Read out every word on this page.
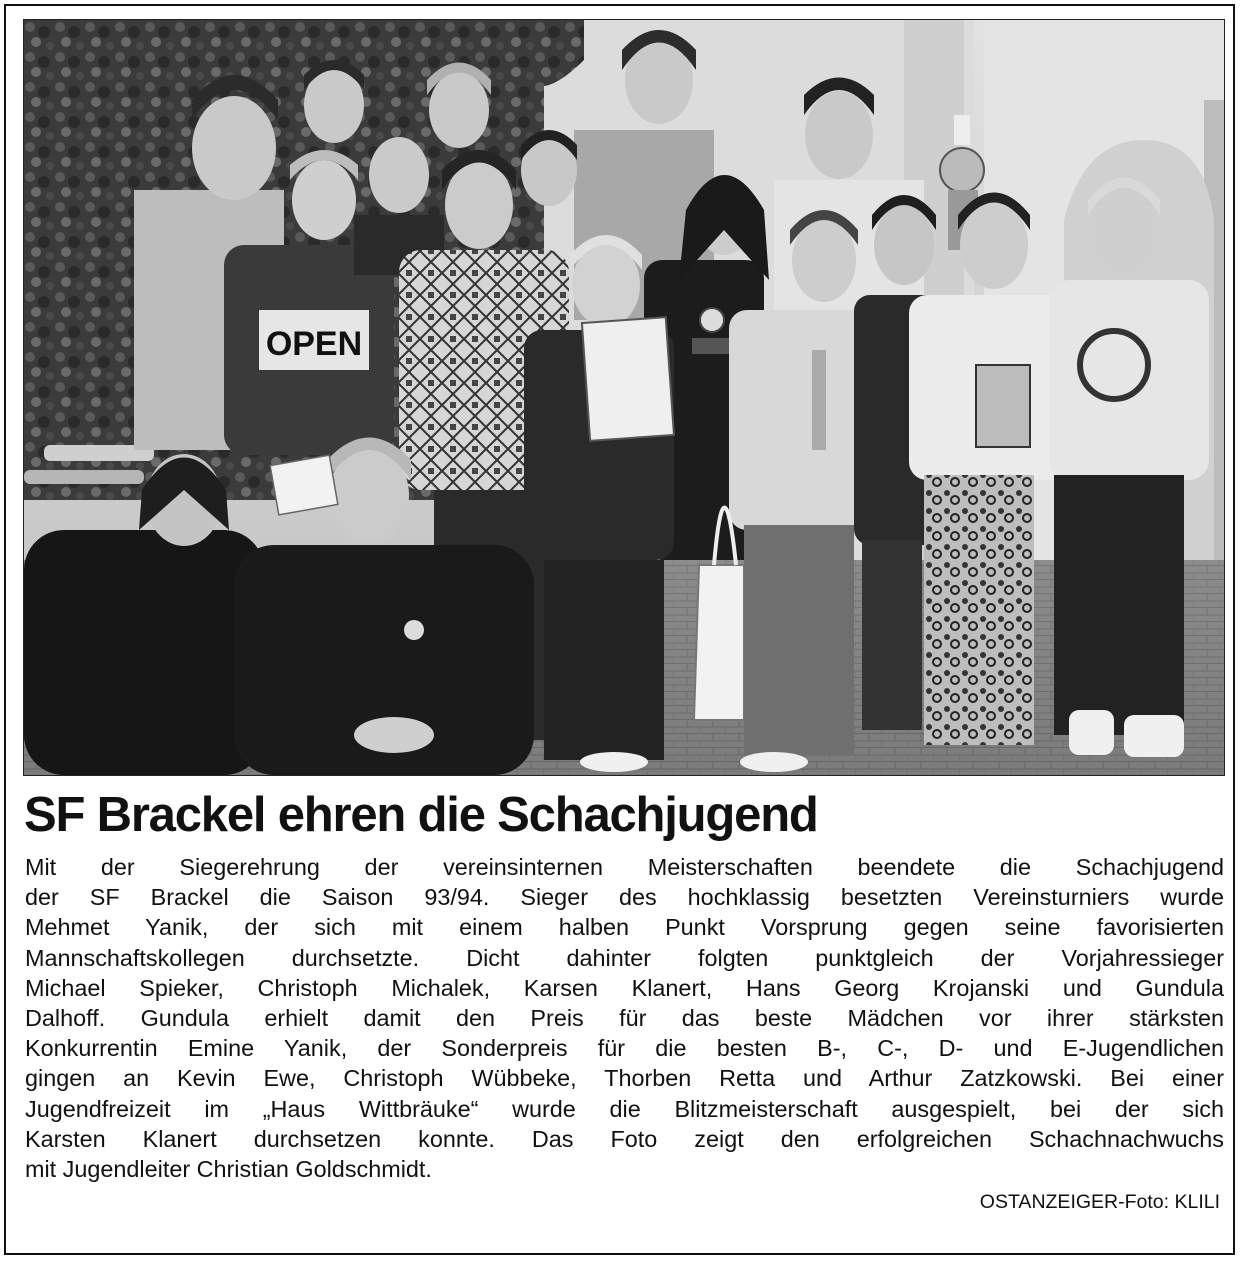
OPEN
SF Brackel ehren die Schachjugend

Mit der Siegerehrung der vereinsinternen Meisterschaften beendete die Schachjugend
der SF Brackel die Saison 93/94. Sieger des hochklassig besetzten Vereinsturniers wurde
Mehmet Yanik, der sich mit einem halben Punkt Vorsprung gegen seine favorisierten
Mannschaftskollegen durchsetzte. Dicht dahinter folgten punktgleich der Vorjahressieger
Michael Spieker, Christoph Michalek, Karsen Klanert, Hans Georg Krojanski und Gundula
Dalhoff. Gundula erhielt damit den Preis für das beste Mädchen vor ihrer stärksten
Konkurrentin Emine Yanik, der Sonderpreis für die besten B-, C-, D- und E-Jugendlichen
gingen an Kevin Ewe, Christoph Wübbeke, Thorben Retta und Arthur Zatzkowski. Bei einer
Jugendfreizeit im „Haus Wittbräuke“ wurde die Blitzmeisterschaft ausgespielt, bei der sich
Karsten Klanert durchsetzen konnte. Das Foto zeigt den erfolgreichen Schachnachwuchs
mit Jugendleiter Christian Goldschmidt.

OSTANZEIGER-Foto: KLILI
